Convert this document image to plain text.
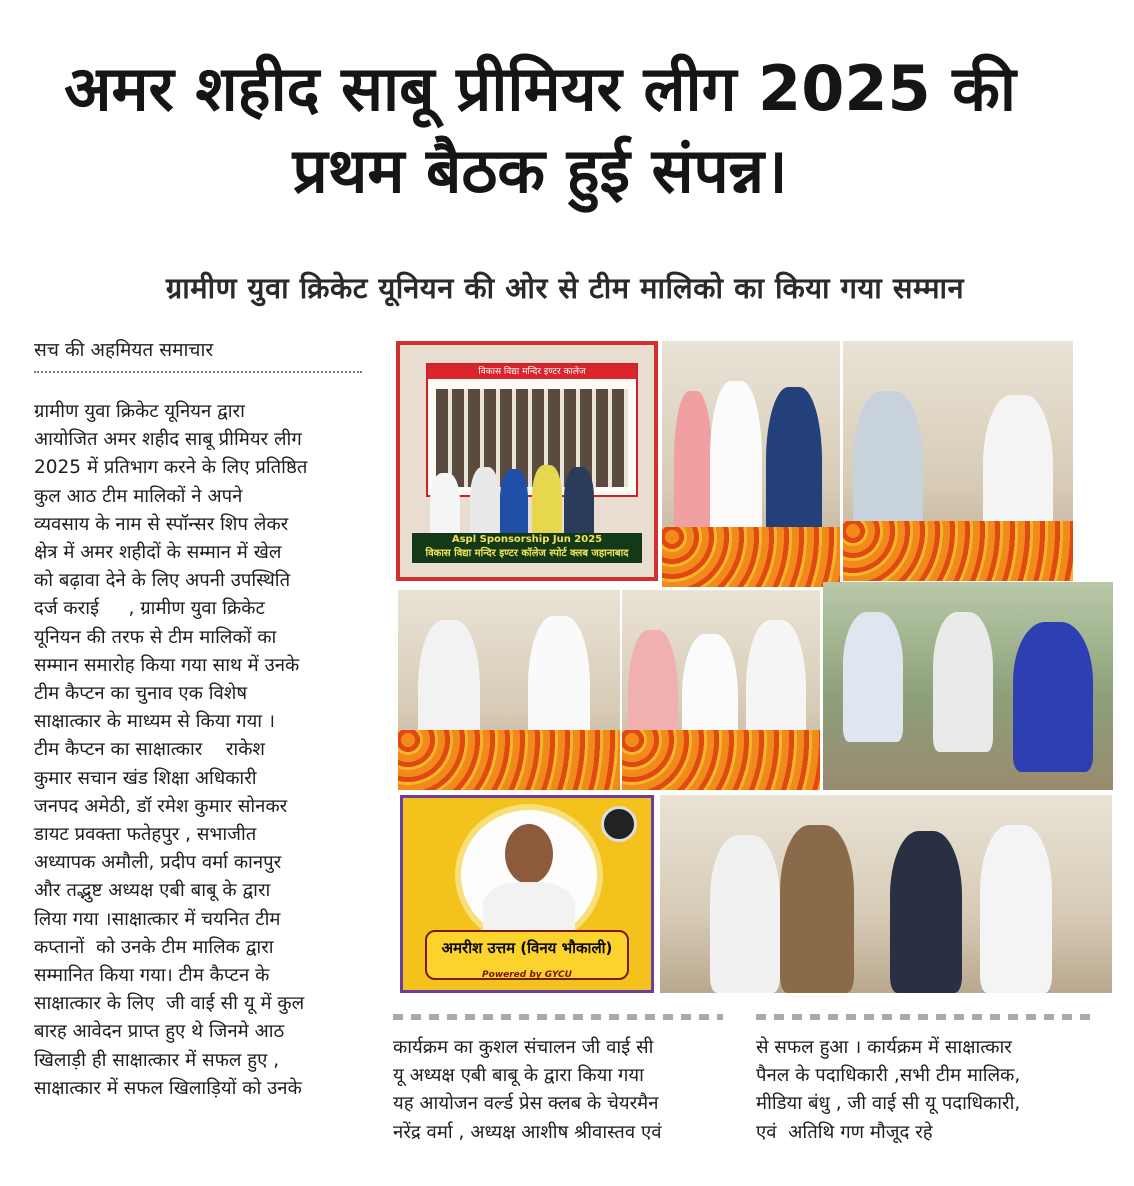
अमर शहीद साबू प्रीमियर लीग 2025 की
प्रथम बैठक हुई संपन्न।
ग्रामीण युवा क्रिकेट यूनियन की ओर से टीम मालिको का किया गया सम्मान
सच की अहमियत समाचार
ग्रामीण युवा क्रिकेट यूनियन द्वारा
आयोजित अमर शहीद साबू प्रीमियर लीग
2025 में प्रतिभाग करने के लिए प्रतिष्ठित
कुल आठ टीम मालिकों ने अपने
व्यवसाय के नाम से स्पॉन्सर शिप लेकर
क्षेत्र में अमर शहीदों के सम्मान में खेल
को बढ़ावा देने के लिए अपनी उपस्थिति
दर्ज कराई     , ग्रामीण युवा क्रिकेट
यूनियन की तरफ से टीम मालिकों का
सम्मान समारोह किया गया साथ में उनके
टीम कैप्टन का चुनाव एक विशेष
साक्षात्कार के माध्यम से किया गया ।
टीम कैप्टन का साक्षात्कार    राकेश
कुमार सचान खंड शिक्षा अधिकारी
जनपद अमेठी, डॉ रमेश कुमार सोनकर
डायट प्रवक्ता फतेहपुर , सभाजीत
अध्यापक अमौली, प्रदीप वर्मा कानपुर
और तद्भुष्ट अध्यक्ष एबी बाबू के द्वारा
लिया गया ।साक्षात्कार में चयनित टीम
कप्तानों  को उनके टीम मालिक द्वारा
सम्मानित किया गया। टीम कैप्टन के
साक्षात्कार के लिए  जी वाई सी यू में कुल
बारह आवेदन प्राप्त हुए थे जिनमे आठ
खिलाड़ी ही साक्षात्कार में सफल हुए ,
साक्षात्कार में सफल खिलाड़ियों को उनके
विकास विद्या मन्दिर इण्टर कालेज
Aspl Sponsorship Jun 2025
विकास विद्या मन्दिर इण्टर कॉलेज स्पोर्ट क्लब जहानाबाद
अमरीश उत्तम (विनय भौकाली)
Powered by GYCU
कार्यक्रम का कुशल संचालन जी वाई सी
यू अध्यक्ष एबी बाबू के द्वारा किया गया
यह आयोजन वर्ल्ड प्रेस क्लब के चेयरमैन
नरेंद्र वर्मा , अध्यक्ष आशीष श्रीवास्तव एवं
से सफल हुआ । कार्यक्रम में साक्षात्कार
पैनल के पदाधिकारी ,सभी टीम मालिक,
मीडिया बंधु , जी वाई सी यू पदाधिकारी,
एवं  अतिथि गण मौजूद रहे
